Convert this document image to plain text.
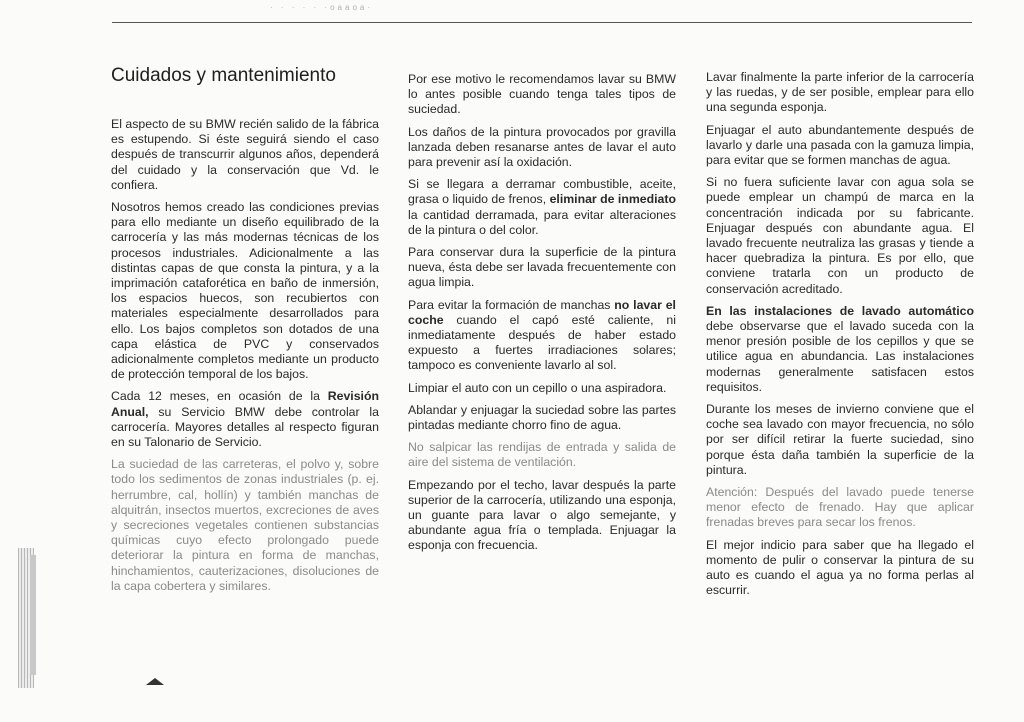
· · · · · ·oaaoa·
Cuidados y mantenimiento

El aspecto de su BMW recién salido de la fábrica es estupendo. Si éste seguirá siendo el caso después de transcurrir algunos años, dependerá del cuidado y la conservación que Vd. le confiera.

Nosotros hemos creado las condiciones previas para ello mediante un diseño equilibrado de la carrocería y las más modernas técnicas de los procesos industriales. Adicionalmente a las distintas capas de que consta la pintura, y a la imprimación cataforética en baño de inmersión, los espacios huecos, son recubiertos con materiales especialmente desarrollados para ello. Los bajos completos son dotados de una capa elástica de PVC y conservados adicionalmente completos mediante un producto de protección temporal de los bajos.

Cada 12 meses, en ocasión de la Revisión Anual, su Servicio BMW debe controlar la carrocería. Mayores detalles al respecto figuran en su Talonario de Servicio.

La suciedad de las carreteras, el polvo y, sobre todo los sedimentos de zonas industriales (p. ej. herrumbre, cal, hollín) y también manchas de alquitrán, insectos muertos, excreciones de aves y secreciones vegetales contienen substancias químicas cuyo efecto prolongado puede deteriorar la pintura en forma de manchas, hinchamientos, cauterizaciones, disoluciones de la capa cobertera y similares.

Por ese motivo le recomendamos lavar su BMW lo antes posible cuando tenga tales tipos de suciedad.

Los daños de la pintura provocados por gravilla lanzada deben resanarse antes de lavar el auto para prevenir así la oxidación.

Si se llegara a derramar combustible, aceite, grasa o liquido de frenos, eliminar de inmediato la cantidad derramada, para evitar alteraciones de la pintura o del color.

Para conservar dura la superficie de la pintura nueva, ésta debe ser lavada frecuentemente con agua limpia.

Para evitar la formación de manchas no lavar el coche cuando el capó esté caliente, ni inmediatamente después de haber estado expuesto a fuertes irradiaciones solares; tampoco es conveniente lavarlo al sol.

Limpiar el auto con un cepillo o una aspiradora.

Ablandar y enjuagar la suciedad sobre las partes pintadas mediante chorro fino de agua.

No salpicar las rendijas de entrada y salida de aire del sistema de ventilación.

Empezando por el techo, lavar después la parte superior de la carrocería, utilizando una esponja, un guante para lavar o algo semejante, y abundante agua fría o templada. Enjuagar la esponja con frecuencia.

Lavar finalmente la parte inferior de la carrocería y las ruedas, y de ser posible, emplear para ello una segunda esponja.

Enjuagar el auto abundantemente después de lavarlo y darle una pasada con la gamuza limpia, para evitar que se formen manchas de agua.

Si no fuera suficiente lavar con agua sola se puede emplear un champú de marca en la concentración indicada por su fabricante. Enjuagar después con abundante agua. El lavado frecuente neutraliza las grasas y tiende a hacer quebradiza la pintura. Es por ello, que conviene tratarla con un producto de conservación acreditado.

En las instalaciones de lavado automático debe observarse que el lavado suceda con la menor presión posible de los cepillos y que se utilice agua en abundancia. Las instalaciones modernas generalmente satisfacen estos requisitos.

Durante los meses de invierno conviene que el coche sea lavado con mayor frecuencia, no sólo por ser difícil retirar la fuerte suciedad, sino porque ésta daña también la superficie de la pintura.

Atención: Después del lavado puede tenerse menor efecto de frenado. Hay que aplicar frenadas breves para secar los frenos.

El mejor indicio para saber que ha llegado el momento de pulir o conservar la pintura de su auto es cuando el agua ya no forma perlas al escurrir.
